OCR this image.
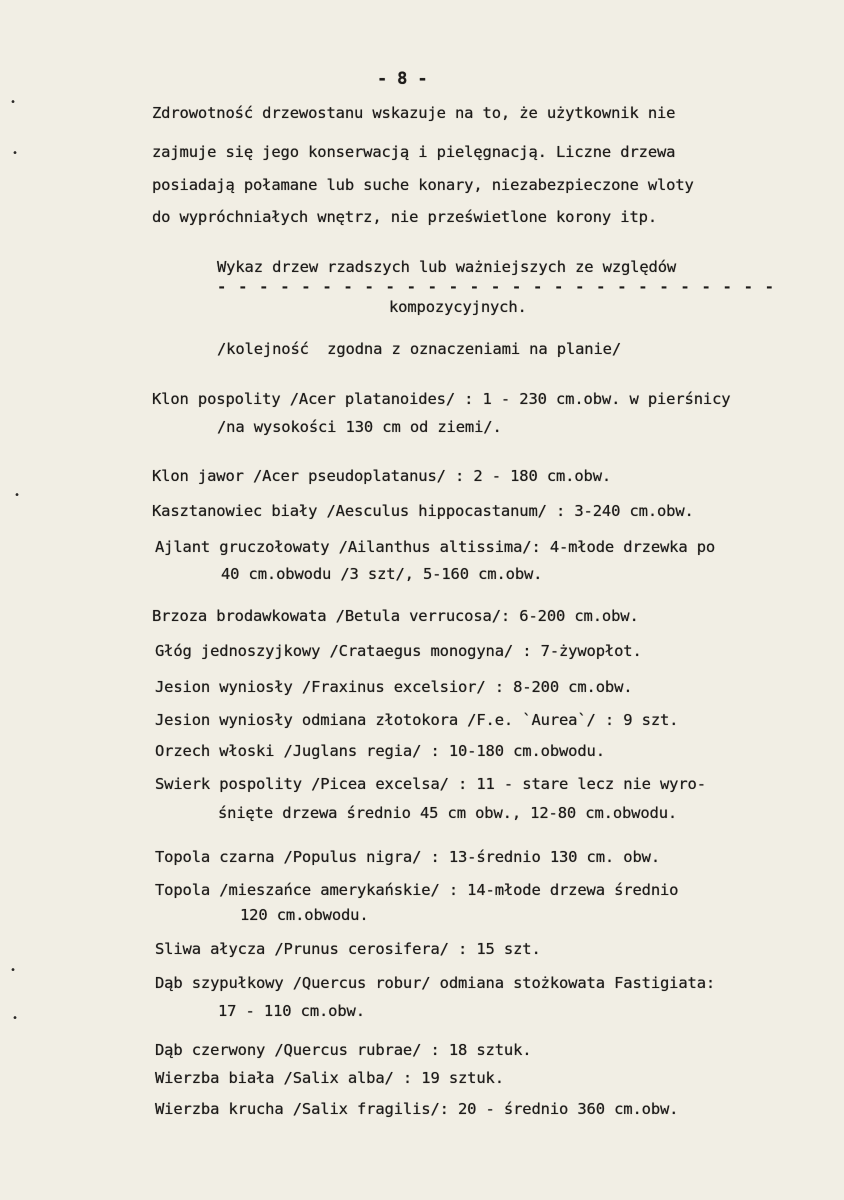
- 8 -
Zdrowotność drzewostanu wskazuje na to, że użytkownik nie
zajmuje się jego konserwacją i pielęgnacją. Liczne drzewa
posiadają połamane lub suche konary, niezabezpieczone wloty
do wypróchniałych wnętrz, nie prześwietlone korony itp.
Wykaz drzew rzadszych lub ważniejszych ze względów
- - - - - - - - - - - - - - - - - - - - - - - - - - -
kompozycyjnych.
/kolejność  zgodna z oznaczeniami na planie/
Klon pospolity /Acer platanoides/ : 1 - 230 cm.obw. w pierśnicy
/na wysokości 130 cm od ziemi/.
Klon jawor /Acer pseudoplatanus/ : 2 - 180 cm.obw.
Kasztanowiec biały /Aesculus hippocastanum/ : 3-240 cm.obw.
Ajlant gruczołowaty /Ailanthus altissima/: 4-młode drzewka po
40 cm.obwodu /3 szt/, 5-160 cm.obw.
Brzoza brodawkowata /Betula verrucosa/: 6-200 cm.obw.
Głóg jednoszyjkowy /Crataegus monogyna/ : 7-żywopłot.
Jesion wyniosły /Fraxinus excelsior/ : 8-200 cm.obw.
Jesion wyniosły odmiana złotokora /F.e. `Aurea`/ : 9 szt.
Orzech włoski /Juglans regia/ : 10-180 cm.obwodu.
Swierk pospolity /Picea excelsa/ : 11 - stare lecz nie wyro-
śnięte drzewa średnio 45 cm obw., 12-80 cm.obwodu.
Topola czarna /Populus nigra/ : 13-średnio 130 cm. obw.
Topola /mieszańce amerykańskie/ : 14-młode drzewa średnio
120 cm.obwodu.
Sliwa ałycza /Prunus cerosifera/ : 15 szt.
Dąb szypułkowy /Quercus robur/ odmiana stożkowata Fastigiata:
17 - 110 cm.obw.
Dąb czerwony /Quercus rubrae/ : 18 sztuk.
Wierzba biała /Salix alba/ : 19 sztuk.
Wierzba krucha /Salix fragilis/: 20 - średnio 360 cm.obw.
•
•
•
•
•
